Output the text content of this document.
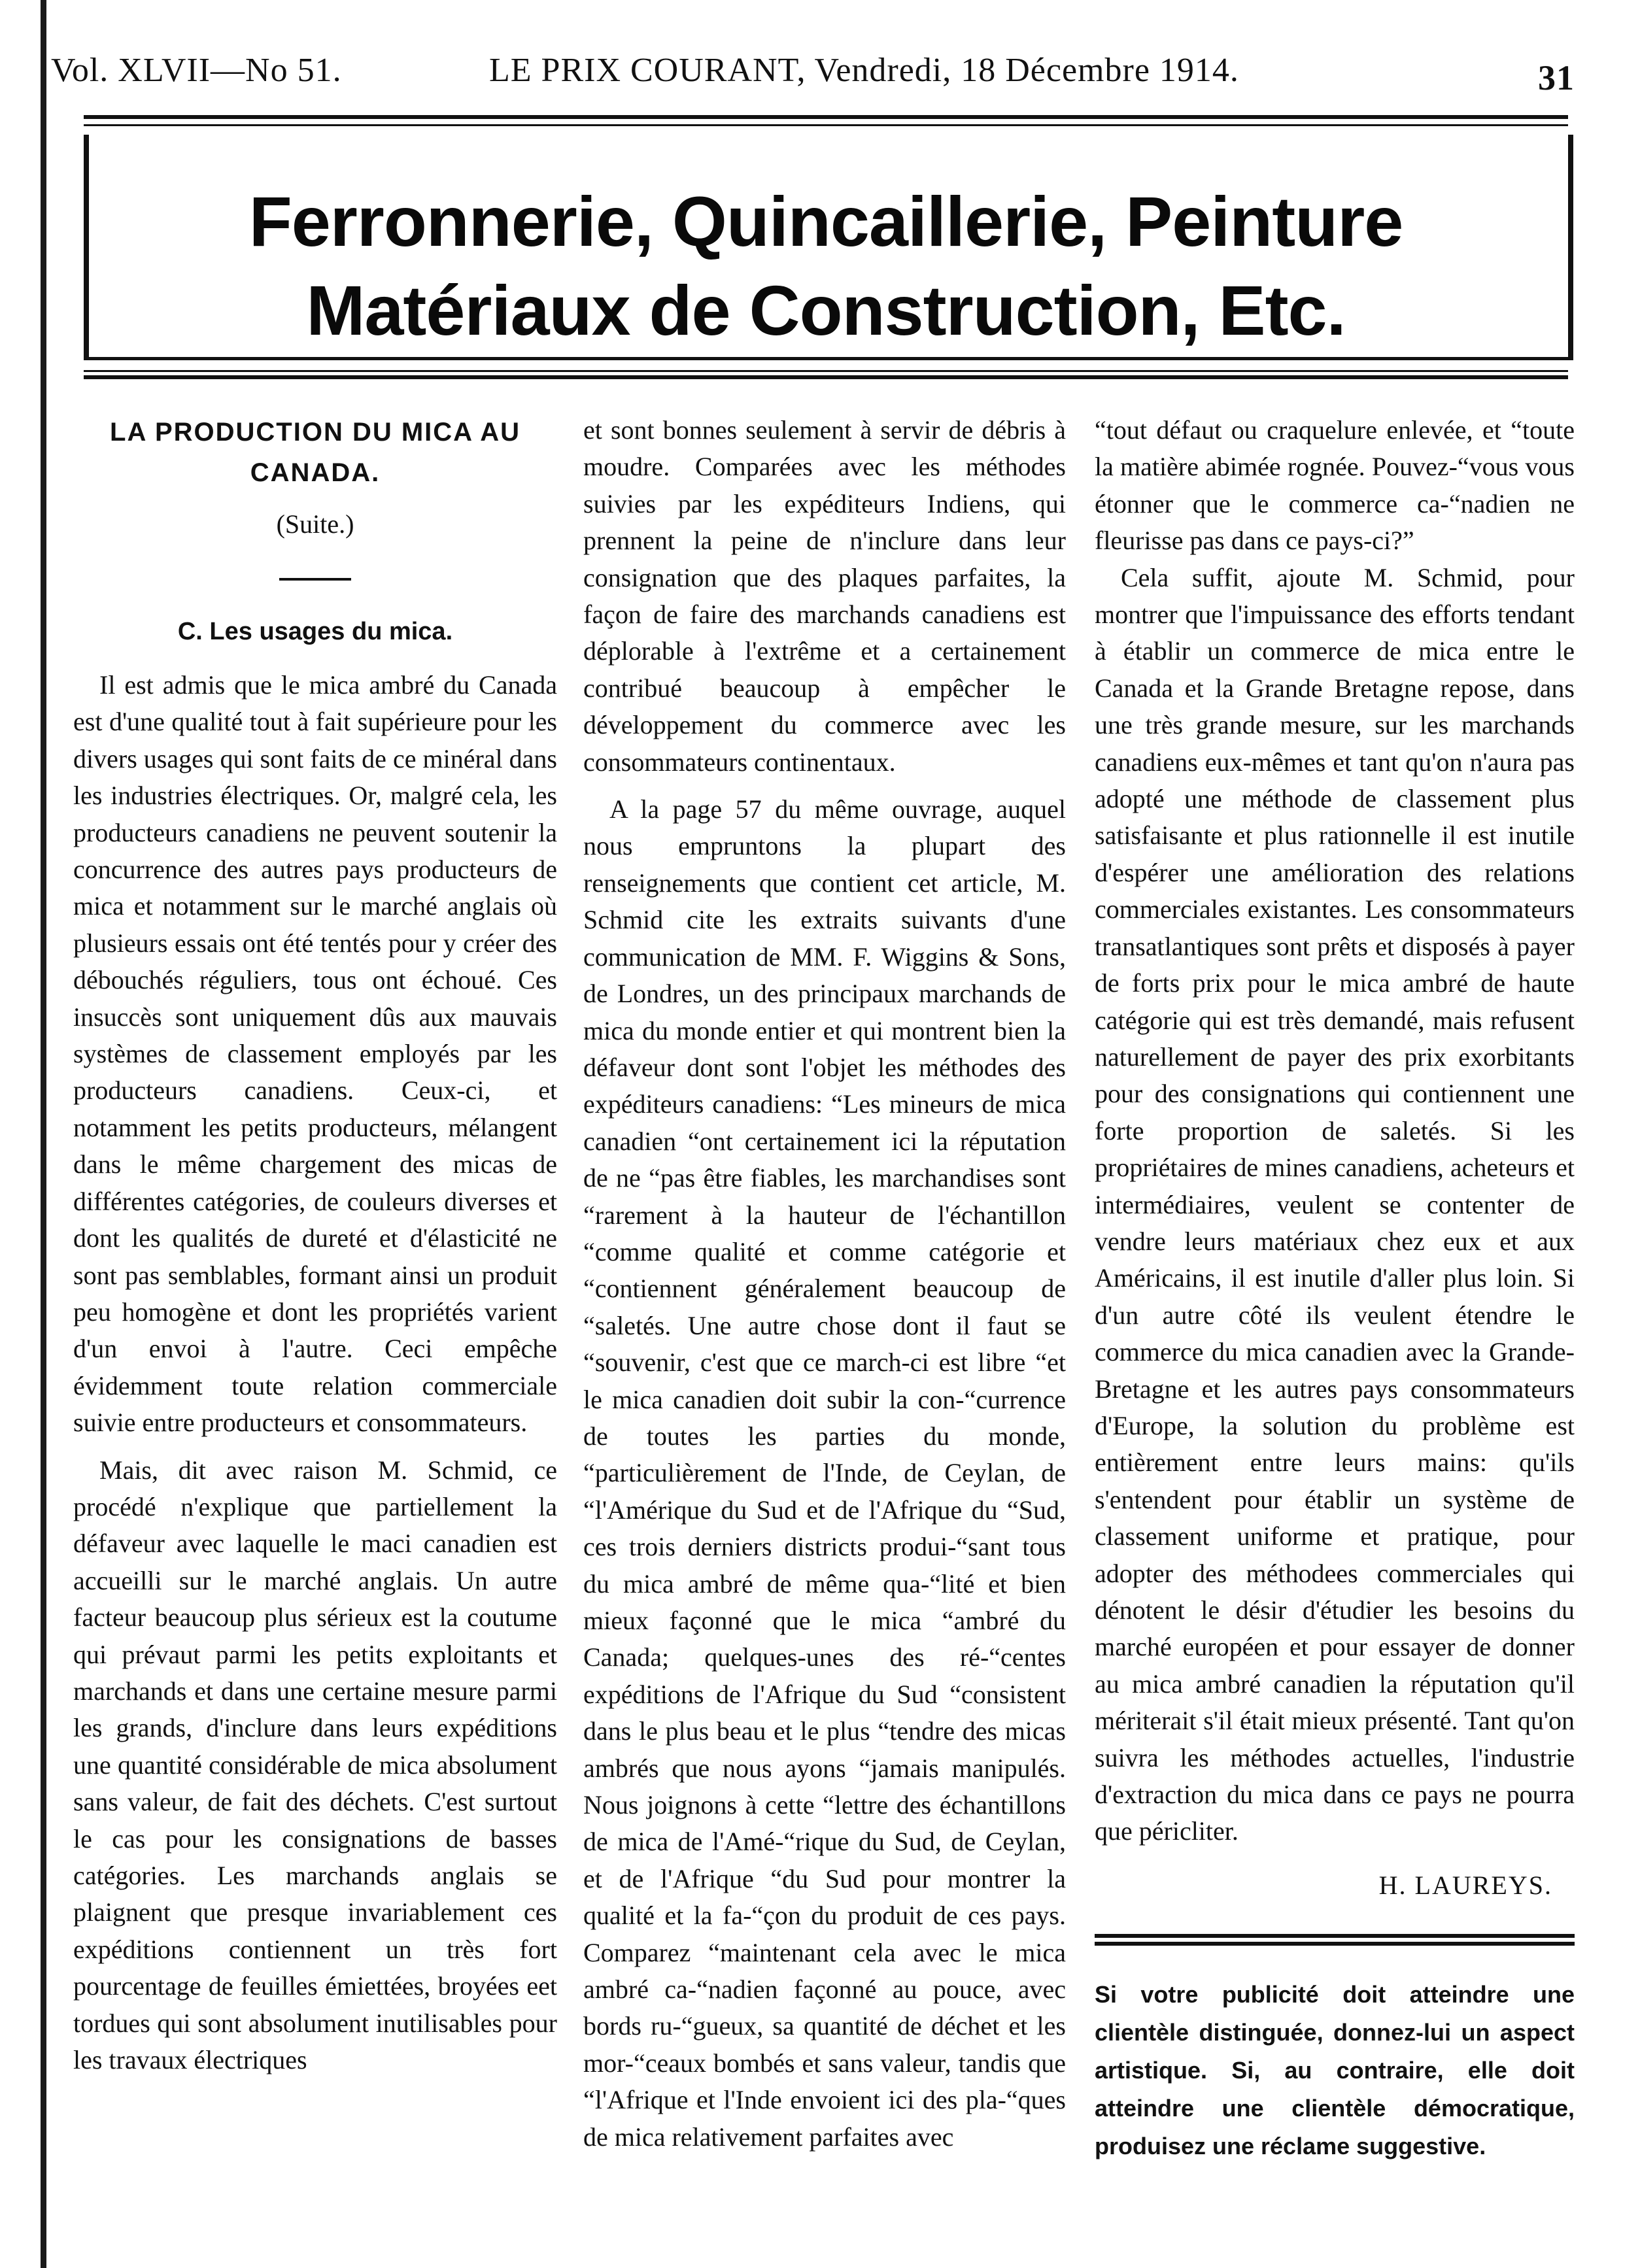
Vol. XLVII—No 51.	LE PRIX COURANT, Vendredi, 18 Décembre 1914.	31
Ferronnerie, Quincaillerie, Peinture
Matériaux de Construction, Etc.
LA PRODUCTION DU MICA AU CANADA.
(Suite.)
C. Les usages du mica.

Il est admis que le mica ambré du Canada est d'une qualité tout à fait supérieure pour les divers usages qui sont faits de ce minéral dans les industries électriques. Or, malgré cela, les producteurs canadiens ne peuvent soutenir la concurrence des autres pays producteurs de mica et notamment sur le marché anglais où plusieurs essais ont été tentés pour y créer des débouchés réguliers, tous ont échoué. Ces insuccès sont uniquement dûs aux mauvais systèmes de classement employés par les producteurs canadiens. Ceux-ci, et notamment les petits producteurs, mélangent dans le même chargement des micas de différentes catégories, de couleurs diverses et dont les qualités de dureté et d'élasticité ne sont pas semblables, formant ainsi un produit peu homogène et dont les propriétés varient d'un envoi à l'autre. Ceci empêche évidemment toute relation commerciale suivie entre producteurs et consommateurs.

Mais, dit avec raison M. Schmid, ce procédé n'explique que partiellement la défaveur avec laquelle le maci canadien est accueilli sur le marché anglais. Un autre facteur beaucoup plus sérieux est la coutume qui prévaut parmi les petits exploitants et marchands et dans une certaine mesure parmi les grands, d'inclure dans leurs expéditions une quantité considérable de mica absolument sans valeur, de fait des déchets. C'est surtout le cas pour les consignations de basses catégories. Les marchands anglais se plaignent que presque invariablement ces expéditions contiennent un très fort pourcentage de feuilles émiettées, broyées eet tordues qui sont absolument inutilisables pour les travaux électriques

et sont bonnes seulement à servir de débris à moudre. Comparées avec les méthodes suivies par les expéditeurs Indiens, qui prennent la peine de n'inclure dans leur consignation que des plaques parfaites, la façon de faire des marchands canadiens est déplorable à l'extrême et a certainement contribué beaucoup à empêcher le développement du commerce avec les consommateurs continentaux.

A la page 57 du même ouvrage, auquel nous empruntons la plupart des renseignements que contient cet article, M. Schmid cite les extraits suivants d'une communication de MM. F. Wiggins & Sons, de Londres, un des principaux marchands de mica du monde entier et qui montrent bien la défaveur dont sont l'objet les méthodes des expéditeurs canadiens: “Les mineurs de mica canadien “ont certainement ici la réputation de ne “pas être fiables, les marchandises sont “rarement à la hauteur de l'échantillon “comme qualité et comme catégorie et “contiennent généralement beaucoup de “saletés. Une autre chose dont il faut se “souvenir, c'est que ce march-ci est libre “et le mica canadien doit subir la con-“currence de toutes les parties du monde, “particulièrement de l'Inde, de Ceylan, de “l'Amérique du Sud et de l'Afrique du “Sud, ces trois derniers districts produi-“sant tous du mica ambré de même qua-“lité et bien mieux façonné que le mica “ambré du Canada; quelques-unes des ré-“centes expéditions de l'Afrique du Sud “consistent dans le plus beau et le plus “tendre des micas ambrés que nous ayons “jamais manipulés. Nous joignons à cette “lettre des échantillons de mica de l'Amé-“rique du Sud, de Ceylan, et de l'Afrique “du Sud pour montrer la qualité et la fa-“çon du produit de ces pays. Comparez “maintenant cela avec le mica ambré ca-“nadien façonné au pouce, avec bords ru-“gueux, sa quantité de déchet et les mor-“ceaux bombés et sans valeur, tandis que “l'Afrique et l'Inde envoient ici des pla-“ques de mica relativement parfaites avec

“tout défaut ou craquelure enlevée, et “toute la matière abimée rognée. Pouvez-“vous vous étonner que le commerce ca-“nadien ne fleurisse pas dans ce pays-ci?”

Cela suffit, ajoute M. Schmid, pour montrer que l'impuissance des efforts tendant à établir un commerce de mica entre le Canada et la Grande Bretagne repose, dans une très grande mesure, sur les marchands canadiens eux-mêmes et tant qu'on n'aura pas adopté une méthode de classement plus satisfaisante et plus rationnelle il est inutile d'espérer une amélioration des relations commerciales existantes. Les consommateurs transatlantiques sont prêts et disposés à payer de forts prix pour le mica ambré de haute catégorie qui est très demandé, mais refusent naturellement de payer des prix exorbitants pour des consignations qui contiennent une forte proportion de saletés. Si les propriétaires de mines canadiens, acheteurs et intermédiaires, veulent se contenter de vendre leurs matériaux chez eux et aux Américains, il est inutile d'aller plus loin. Si d'un autre côté ils veulent étendre le commerce du mica canadien avec la Grande-Bretagne et les autres pays consommateurs d'Europe, la solution du problème est entièrement entre leurs mains: qu'ils s'entendent pour établir un système de classement uniforme et pratique, pour adopter des méthodees commerciales qui dénotent le désir d'étudier les besoins du marché européen et pour essayer de donner au mica ambré canadien la réputation qu'il mériterait s'il était mieux présenté. Tant qu'on suivra les méthodes actuelles, l'industrie d'extraction du mica dans ce pays ne pourra que péricliter.

H. LAUREYS.
Si votre publicité doit atteindre une clientèle distinguée, donnez-lui un aspect artistique. Si, au contraire, elle doit atteindre une clientèle démocratique, produisez une réclame suggestive.
